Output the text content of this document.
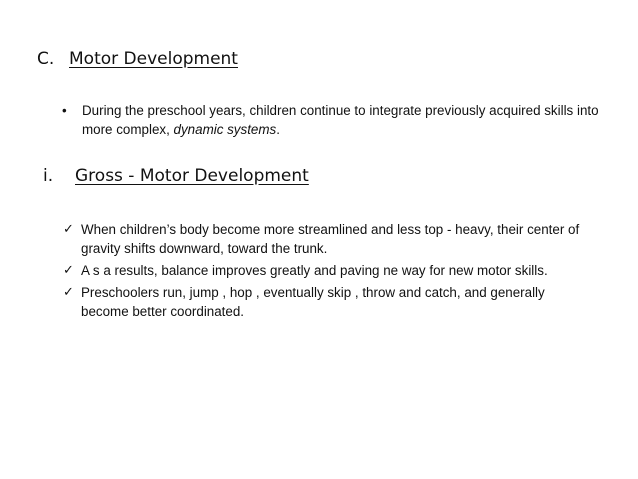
C. Motor Development
•	During the preschool years, children continue to integrate previously acquired skills into more complex, dynamic systems.
i. Gross - Motor Development
✓ When children’s body become more streamlined and less top - heavy, their center of gravity shifts downward, toward the trunk.
✓ A s a results, balance improves greatly and paving ne way for new motor skills.
✓ Preschoolers run, jump , hop , eventually skip , throw and catch, and generally become better coordinated.
